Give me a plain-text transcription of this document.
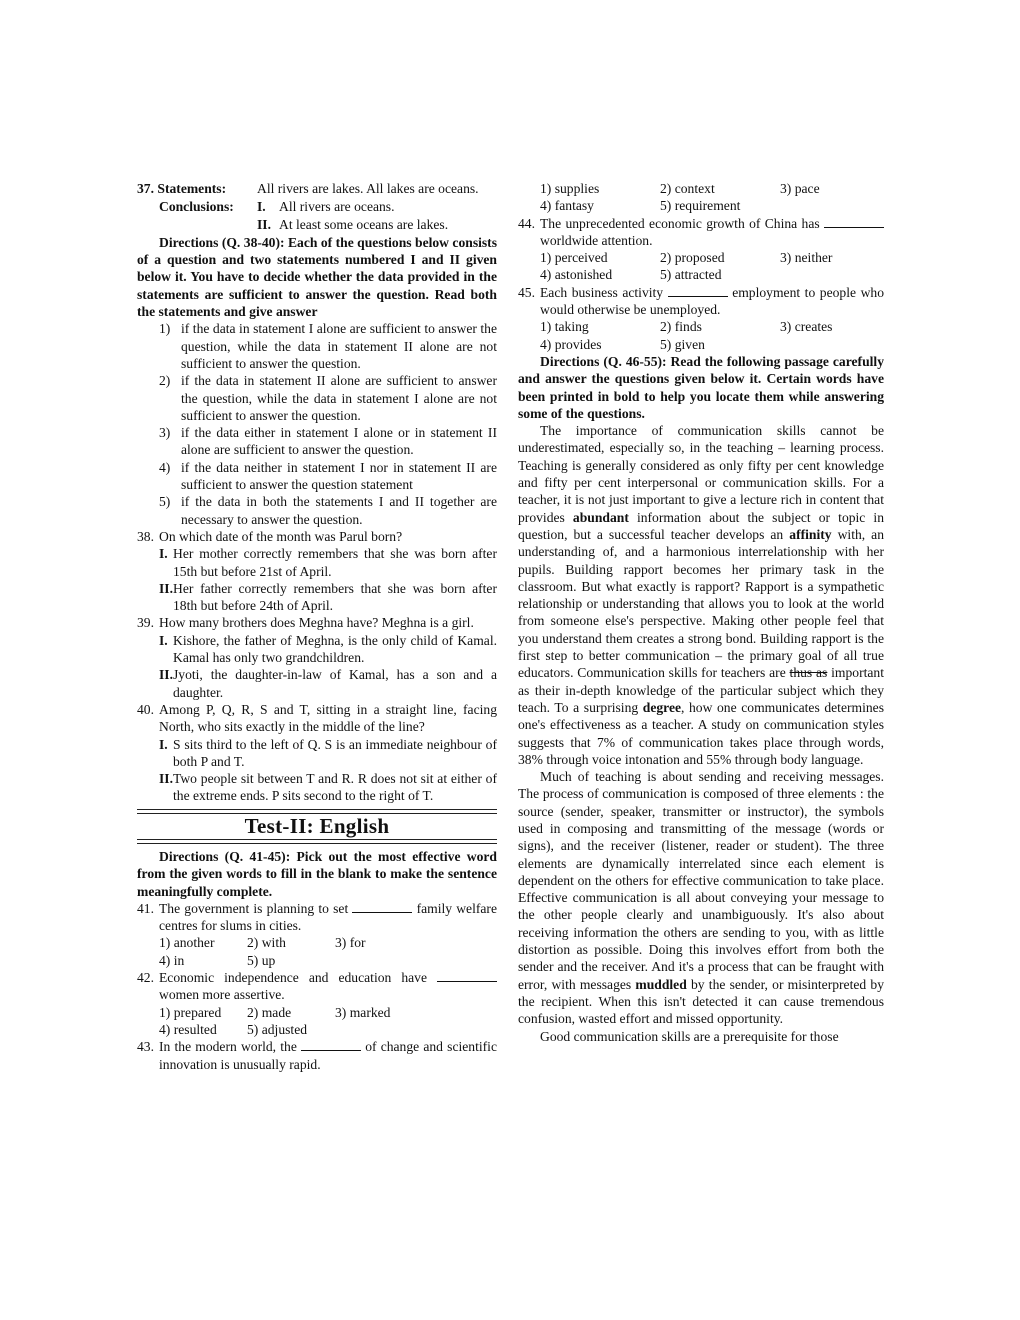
37. Statements:	All rivers are lakes. All lakes are oceans.
Conclusions:	I. All rivers are oceans.
II. At least some oceans are lakes.

Directions (Q. 38-40): Each of the questions below consists of a question and two statements numbered I and II given below it. You have to decide whether the data provided in the statements are sufficient to answer the question. Read both the statements and give answer

1) if the data in statement I alone are sufficient to answer the question, while the data in statement II alone are not sufficient to answer the question.
2) if the data in statement II alone are sufficient to answer the question, while the data in statement I alone are not sufficient to answer the question.
3) if the data either in statement I alone or in statement II alone are sufficient to answer the question.
4) if the data neither in statement I nor in statement II are sufficient to answer the question statement
5) if the data in both the statements I and II together are necessary to answer the question.
38. On which date of the month was Parul born?
I. Her mother correctly remembers that she was born after 15th but before 21st of April.
II. Her father correctly remembers that she was born after 18th but before 24th of April.
39. How many brothers does Meghna have? Meghna is a girl.
I. Kishore, the father of Meghna, is the only child of Kamal. Kamal has only two grandchildren.
II. Jyoti, the daughter-in-law of Kamal, has a son and a daughter.
40. Among P, Q, R, S and T, sitting in a straight line, facing North, who sits exactly in the middle of the line?
I. S sits third to the left of Q. S is an immediate neighbour of both P and T.
II. Two people sit between T and R. R does not sit at either of the extreme ends. P sits second to the right of T.
Test-II: English

Directions (Q. 41-45): Pick out the most effective word from the given words to fill in the blank to make the sentence meaningfully complete.

41. The government is planning to set	family welfare centres for slums in cities.
1) another	2) with	3) for
4) in	5) up
42. Economic independence and education have  women more assertive.
1) prepared	2) made	3) marked
4) resulted	5) adjusted
43. In the modern world, the	of change and scientific innovation is unusually rapid.
1) supplies	2) context	3) pace
4) fantasy	5) requirement
44. The unprecedented economic growth of China has  worldwide attention.
1) perceived	2) proposed	3) neither
4) astonished	5) attracted
45. Each business activity	employment to people who would otherwise be unemployed.
1) taking	2) finds	3) creates
4) provides	5) given

Directions (Q. 46-55): Read the following passage carefully and answer the questions given below it. Certain words have been printed in bold to help you locate them while answering some of the questions.

The importance of communication skills cannot be underestimated, especially so, in the teaching – learning process. Teaching is generally considered as only fifty per cent knowledge and fifty per cent interpersonal or communication skills. For a teacher, it is not just important to give a lecture rich in content that provides abundant information about the subject or topic in question, but a successful teacher develops an affinity with, an understanding of, and a harmonious interrelationship with her pupils. Building rapport becomes her primary task in the classroom. But what exactly is rapport? Rapport is a sympathetic relationship or understanding that allows you to look at the world from someone else's perspective. Making other people feel that you understand them creates a strong bond. Building rapport is the first step to better communication – the primary goal of all true educators. Communication skills for teachers are thus as important as their in-depth knowledge of the particular subject which they teach. To a surprising degree, how one communicates determines one's effectiveness as a teacher. A study on communication styles suggests that 7% of communication takes place through words, 38% through voice intonation and 55% through body language.

Much of teaching is about sending and receiving messages. The process of communication is composed of three elements : the source (sender, speaker, transmitter or instructor), the symbols used in composing and transmitting of the message (words or signs), and the receiver (listener, reader or student). The three elements are dynamically interrelated since each element is dependent on the others for effective communication to take place. Effective communication is all about conveying your message to the other people clearly and unambiguously. It's also about receiving information the others are sending to you, with as little distortion as possible. Doing this involves effort from both the sender and the receiver. And it's a process that can be fraught with error, with messages muddled by the sender, or misinterpreted by the recipient. When this isn't detected it can cause tremendous confusion, wasted effort and missed opportunity.

Good communication skills are a prerequisite for those
